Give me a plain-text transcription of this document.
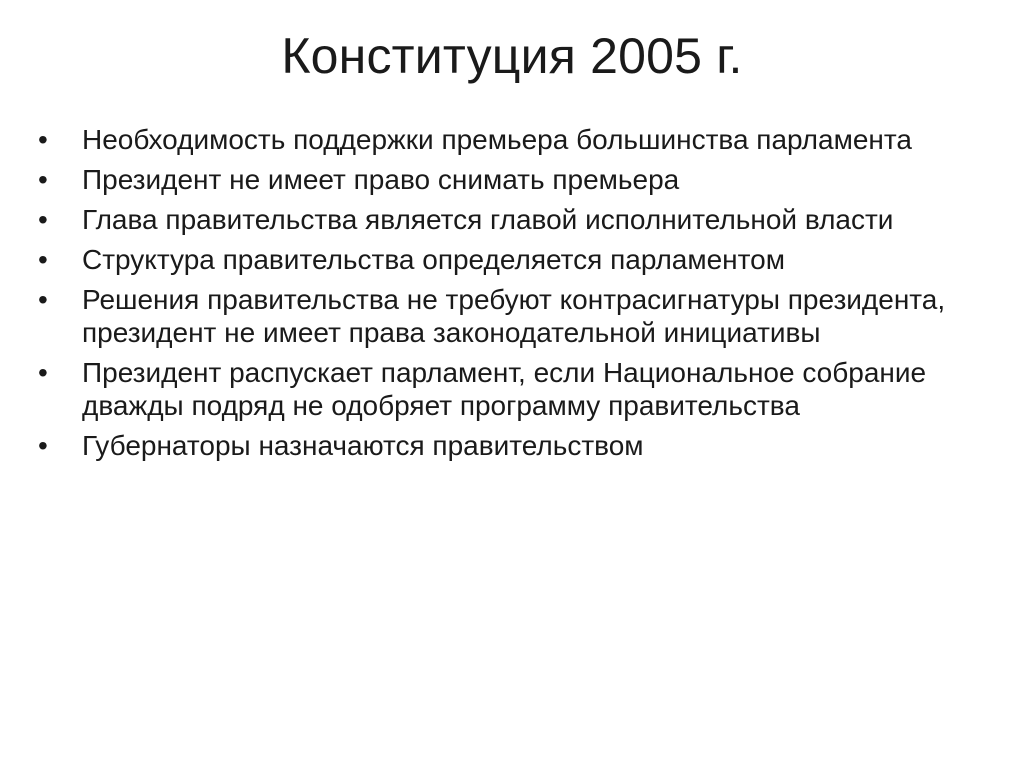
Конституция 2005 г.
•	Необходимость поддержки премьера большинства парламента
•	Президент не имеет право снимать премьера
•	Глава правительства является главой исполнительной власти
•	Структура правительства определяется парламентом
•	Решения правительства не требуют контрасигнатуры президента, президент не имеет права законодательной инициативы
•	Президент распускает парламент, если Национальное собрание дважды подряд не одобряет программу правительства
•	Губернаторы назначаются правительством
